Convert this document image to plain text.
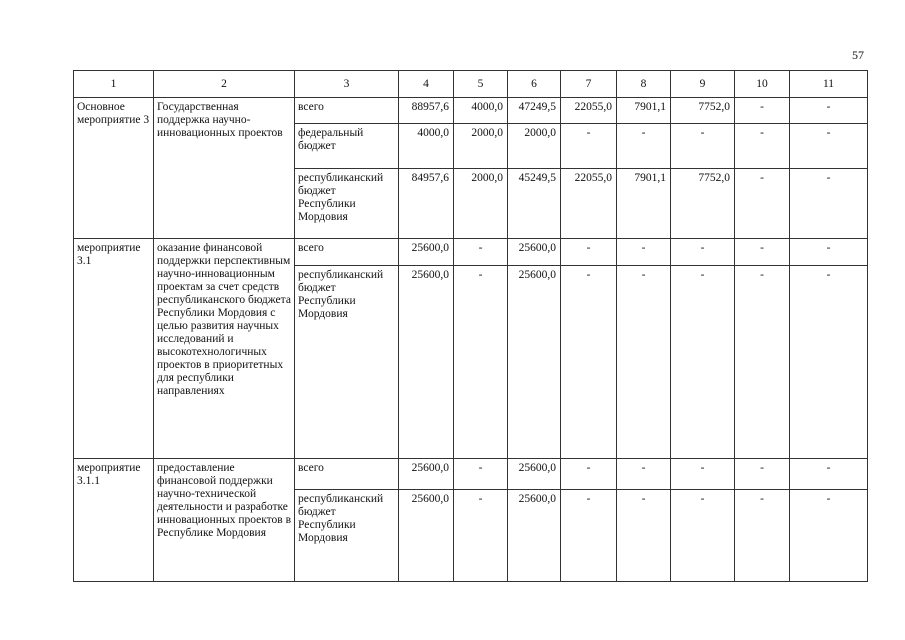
57
1	2	3	4	5	6	7	8	9	10	11
Основное мероприятие 3	Государственная поддержка научно-инновационных проектов	всего	88957,6	4000,0	47249,5	22055,0	7901,1	7752,0	-	-
		федеральный бюджет	4000,0	2000,0	2000,0	-	-	-	-	-
		республиканский бюджет Республики Мордовия	84957,6	2000,0	45249,5	22055,0	7901,1	7752,0	-	-
мероприятие 3.1	оказание финансовой поддержки перспективным научно-инновационным проектам за счет средств республиканского бюджета Республики Мордовия с целью развития научных исследований и высокотехнологичных проектов в приоритетных для республики направлениях	всего	25600,0	-	25600,0	-	-	-	-	-
		республиканский бюджет Республики Мордовия	25600,0	-	25600,0	-	-	-	-	-
мероприятие 3.1.1	предоставление финансовой поддержки научно-технической деятельности и разработке инновационных проектов в Республике Мордовия	всего	25600,0	-	25600,0	-	-	-	-	-
		республиканский бюджет Республики Мордовия	25600,0	-	25600,0	-	-	-	-	-
